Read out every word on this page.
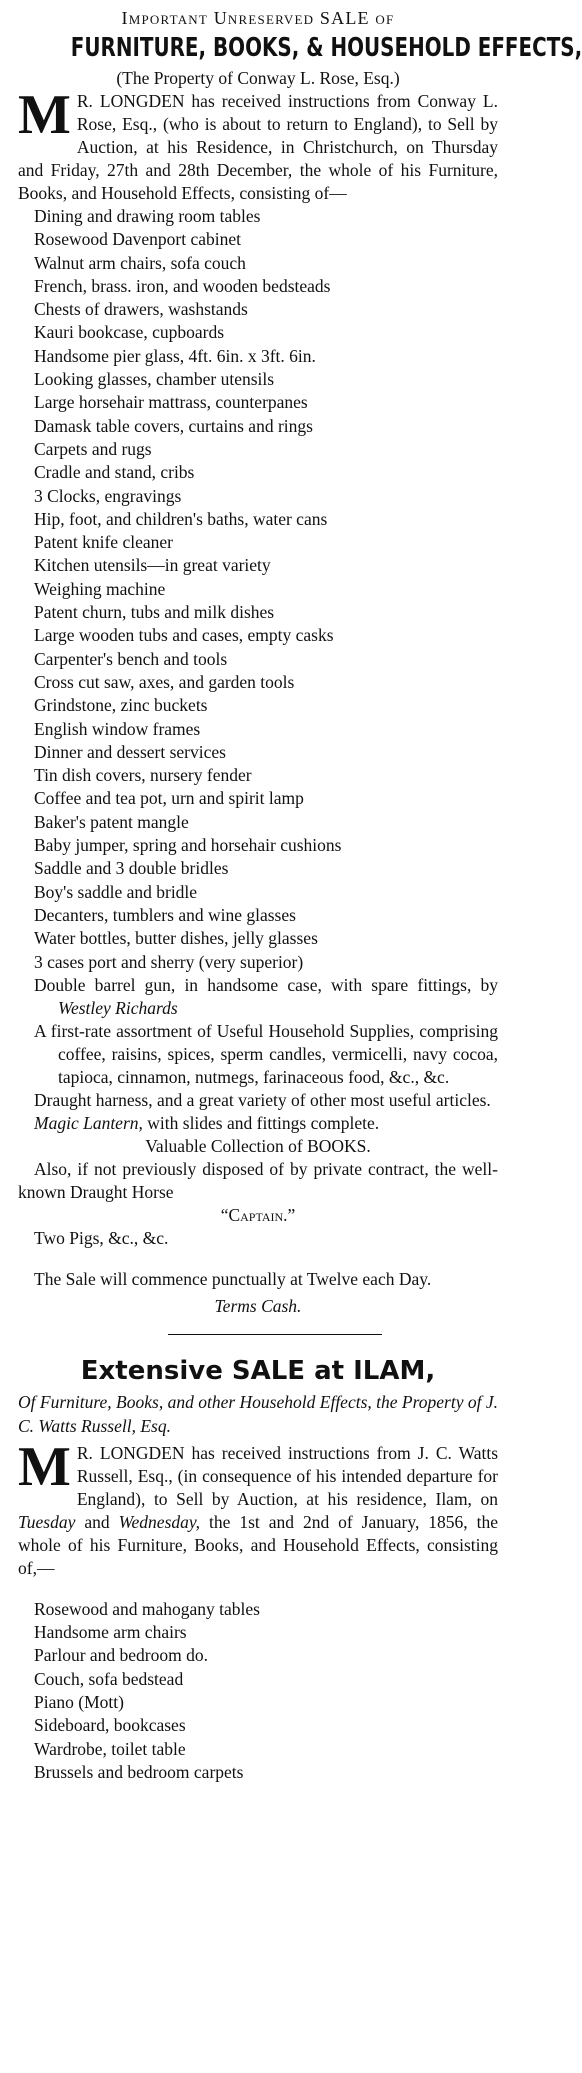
Important Unreserved SALE of
FURNITURE, BOOKS, & HOUSEHOLD EFFECTS,
(The Property of Conway L. Rose, Esq.)
M R. LONGDEN has received instructions from Conway L. Rose, Esq., (who is about to return to England), to Sell by Auction, at his Residence, in Christchurch, on Thursday and Friday, 27th and 28th December, the whole of his Furniture, Books, and Household Effects, consisting of—
Dining and drawing room tables
Rosewood Davenport cabinet
Walnut arm chairs, sofa couch
French, brass. iron, and wooden bedsteads
Chests of drawers, washstands
Kauri bookcase, cupboards
Handsome pier glass, 4ft. 6in. x 3ft. 6in.
Looking glasses, chamber utensils
Large horsehair mattrass, counterpanes
Damask table covers, curtains and rings
Carpets and rugs
Cradle and stand, cribs
3 Clocks, engravings
Hip, foot, and children's baths, water cans
Patent knife cleaner
Kitchen utensils—in great variety
Weighing machine
Patent churn, tubs and milk dishes
Large wooden tubs and cases, empty casks
Carpenter's bench and tools
Cross cut saw, axes, and garden tools
Grindstone, zinc buckets
English window frames
Dinner and dessert services
Tin dish covers, nursery fender
Coffee and tea pot, urn and spirit lamp
Baker's patent mangle
Baby jumper, spring and horsehair cushions
Saddle and 3 double bridles
Boy's saddle and bridle
Decanters, tumblers and wine glasses
Water bottles, butter dishes, jelly glasses
3 cases port and sherry (very superior)
Double barrel gun, in handsome case, with spare fittings, by Westley Richards
A first-rate assortment of Useful Household Supplies, comprising coffee, raisins, spices, sperm candles, vermicelli, navy cocoa, tapioca, cinnamon, nutmegs, farinaceous food, &c., &c.
Draught harness, and a great variety of other most useful articles.
Magic Lantern, with slides and fittings complete.
Valuable Collection of BOOKS.
Also, if not previously disposed of by private contract, the well-known Draught Horse
“Captain.”
Two Pigs, &c., &c.
The Sale will commence punctually at Twelve each Day.
Terms Cash.
Extensive SALE at ILAM,
Of Furniture, Books, and other Household Effects, the Property of J. C. Watts Russell, Esq.
M R. LONGDEN has received instructions from J. C. Watts Russell, Esq., (in consequence of his intended departure for England), to Sell by Auction, at his residence, Ilam, on Tuesday and Wednesday, the 1st and 2nd of January, 1856, the whole of his Furniture, Books, and Household Effects, consisting of,—
Rosewood and mahogany tables
Handsome arm chairs
Parlour and bedroom do.
Couch, sofa bedstead
Piano (Mott)
Sideboard, bookcases
Wardrobe, toilet table
Brussels and bedroom carpets
